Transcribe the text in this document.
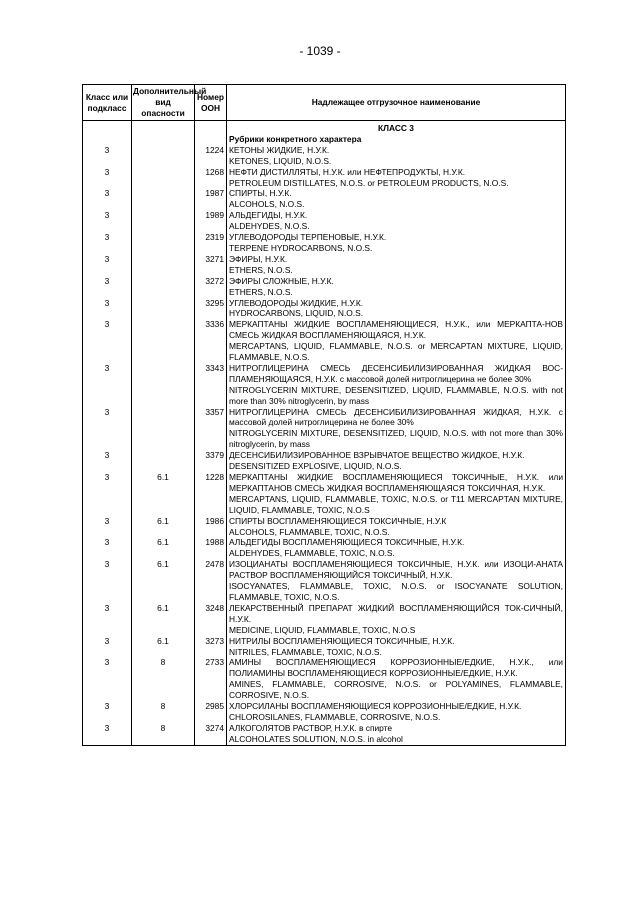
- 1039 -
Класс или подкласс	Дополнительный вид опасности	Номер ООН	Надлежащее отгрузочное наименование

			КЛАСС 3
Рубрики конкретного характера

3		1224	КЕТОНЫ ЖИДКИЕ, Н.У.К.
KETONES, LIQUID, N.O.S.

3		1268	НЕФТИ ДИСТИЛЛЯТЫ, Н.У.К. или НЕФТЕПРОДУКТЫ, Н.У.К.
PETROLEUM DISTILLATES, N.O.S. or PETROLEUM PRODUCTS, N.O.S.

3		1987	СПИРТЫ, Н.У.К.
ALCOHOLS, N.O.S.

3		1989	АЛЬДЕГИДЫ, Н.У.К.
ALDEHYDES, N.O.S.

3		2319	УГЛЕВОДОРОДЫ ТЕРПЕНОВЫЕ, Н.У.К.
TERPENE HYDROCARBONS, N.O.S.

3		3271	ЭФИРЫ, Н.У.К.
ETHERS, N.O.S.

3		3272	ЭФИРЫ СЛОЖНЫЕ, Н.У.К.
ETHERS, N.O.S.

3		3295	УГЛЕВОДОРОДЫ ЖИДКИЕ, Н.У.К.
HYDROCARBONS, LIQUID, N.O.S.

3		3336	МЕРКАПТАНЫ ЖИДКИЕ ВОСПЛАМЕНЯЮЩИЕСЯ, Н.У.К., или МЕРКАПТА-НОВ СМЕСЬ ЖИДКАЯ ВОСПЛАМЕНЯЮЩАЯСЯ, Н.У.К.
MERCAPTANS, LIQUID, FLAMMABLE, N.O.S. or MERCAPTAN MIXTURE, LIQUID, FLAMMABLE, N.O.S.

3		3343	НИТРОГЛИЦЕРИНА СМЕСЬ ДЕСЕНСИБИЛИЗИРОВАННАЯ ЖИДКАЯ ВОС-ПЛАМЕНЯЮЩАЯСЯ, Н.У.К. с массовой долей нитроглицерина не более 30%
NITROGLYCERIN MIXTURE, DESENSITIZED, LIQUID, FLAMMABLE, N.O.S. with not more than 30% nitroglycerin, by mass

3		3357	НИТРОГЛИЦЕРИНА СМЕСЬ ДЕСЕНСИБИЛИЗИРОВАННАЯ ЖИДКАЯ, Н.У.К. с массовой долей нитроглицерина не более 30%
NITROGLYCERIN MIXTURE, DESENSITIZED, LIQUID, N.O.S. with not more than 30% nitroglycerin, by mass

3		3379	ДЕСЕНСИБИЛИЗИРОВАННОЕ ВЗРЫВЧАТОЕ ВЕЩЕСТВО ЖИДКОЕ, Н.У.К.
DESENSITIZED EXPLOSIVE, LIQUID, N.O.S.

3	6.1	1228	МЕРКАПТАНЫ ЖИДКИЕ ВОСПЛАМЕНЯЮЩИЕСЯ ТОКСИЧНЫЕ, Н.У.К. или МЕРКАПТАНОВ СМЕСЬ ЖИДКАЯ ВОСПЛАМЕНЯЮЩАЯСЯ ТОКСИЧНАЯ, Н.У.К.
MERCAPTANS, LIQUID, FLAMMABLE, TOXIC, N.O.S. or T11 MERCAPTAN MIXTURE, LIQUID, FLAMMABLE, TOXIC, N.O.S

3	6.1	1986	СПИРТЫ ВОСПЛАМЕНЯЮЩИЕСЯ ТОКСИЧНЫЕ, Н.У.К
ALCOHOLS, FLAMMABLE, TOXIC, N.O.S.

3	6.1	1988	АЛЬДЕГИДЫ ВОСПЛАМЕНЯЮЩИЕСЯ ТОКСИЧНЫЕ, Н.У.К.
ALDEHYDES, FLAMMABLE, TOXIC, N.O.S.

3	6.1	2478	ИЗОЦИАНАТЫ ВОСПЛАМЕНЯЮЩИЕСЯ ТОКСИЧНЫЕ, Н.У.К. или ИЗОЦИ-АНАТА РАСТВОР ВОСПЛАМЕНЯЮЩИЙСЯ ТОКСИЧНЫЙ, Н.У.К.
ISOCYANATES, FLAMMABLE, TOXIC, N.O.S. or ISOCYANATE SOLUTION, FLAMMABLE, TOXIC, N.O.S.

3	6.1	3248	ЛЕКАРСТВЕННЫЙ ПРЕПАРАТ ЖИДКИЙ ВОСПЛАМЕНЯЮЩИЙСЯ ТОК-СИЧНЫЙ, Н.У.К.
MEDICINE, LIQUID, FLAMMABLE, TOXIC, N.O.S

3	6.1	3273	НИТРИЛЫ ВОСПЛАМЕНЯЮЩИЕСЯ ТОКСИЧНЫЕ, Н.У.К.
NITRILES, FLAMMABLE, TOXIC, N.O.S.

3	8	2733	АМИНЫ ВОСПЛАМЕНЯЮЩИЕСЯ КОРРОЗИОННЫЕ/ЕДКИЕ, Н.У.К., или ПОЛИАМИНЫ ВОСПЛАМЕНЯЮЩИЕСЯ КОРРОЗИОННЫЕ/ЕДКИЕ, Н.У.К.
AMINES, FLAMMABLE, CORROSIVE, N.O.S. or POLYAMINES, FLAMMABLE, CORROSIVE, N.O.S.

3	8	2985	ХЛОРСИЛАНЫ ВОСПЛАМЕНЯЮЩИЕСЯ КОРРОЗИОННЫЕ/ЕДКИЕ, Н.У.К.
CHLOROSILANES, FLAMMABLE, CORROSIVE, N.O.S.

3	8	3274	АЛКОГОЛЯТОВ РАСТВОР, Н.У.К. в спирте
ALCOHOLATES SOLUTION, N.O.S. in alcohol
